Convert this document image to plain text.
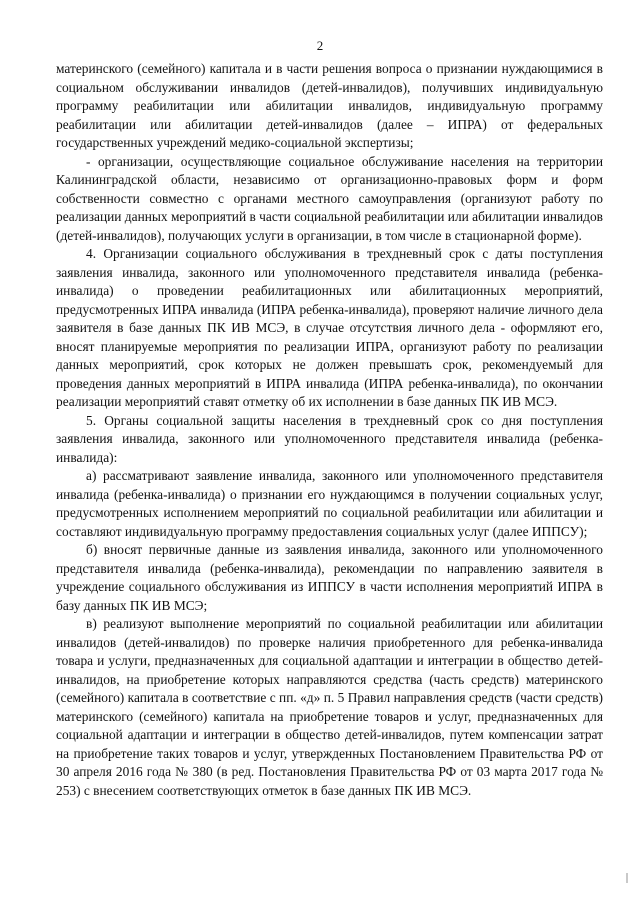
2

материнского (семейного) капитала и в части решения вопроса о признании нуждающимися в социальном обслуживании инвалидов (детей-инвалидов), получивших индивидуальную программу реабилитации или абилитации инвалидов, индивидуальную программу реабилитации или абилитации детей-инвалидов (далее – ИПРА) от федеральных государственных учреждений медико-социальной экспертизы;

- организации, осуществляющие социальное обслуживание населения на территории Калининградской области, независимо от организационно-правовых форм и форм собственности совместно с органами местного самоуправления (организуют работу по реализации данных мероприятий в части социальной реабилитации или абилитации инвалидов (детей-инвалидов), получающих услуги в организации, в том числе в стационарной форме).

4. Организации социального обслуживания в трехдневный срок с даты поступления заявления инвалида, законного или уполномоченного представителя инвалида (ребенка-инвалида) о проведении реабилитационных или абилитационных мероприятий, предусмотренных ИПРА инвалида (ИПРА ребенка-инвалида), проверяют наличие личного дела заявителя в базе данных ПК ИВ МСЭ, в случае отсутствия личного дела - оформляют его, вносят планируемые мероприятия по реализации ИПРА, организуют работу по реализации данных мероприятий, срок которых не должен превышать срок, рекомендуемый для проведения данных мероприятий в ИПРА инвалида (ИПРА ребенка-инвалида), по окончании реализации мероприятий ставят отметку об их исполнении в базе данных ПК ИВ МСЭ.

5. Органы социальной защиты населения в трехдневный срок со дня поступления заявления инвалида, законного или уполномоченного представителя инвалида (ребенка-инвалида):

а) рассматривают заявление инвалида, законного или уполномоченного представителя инвалида (ребенка-инвалида) о признании его нуждающимся в получении социальных услуг, предусмотренных исполнением мероприятий по социальной реабилитации или абилитации и составляют индивидуальную программу предоставления социальных услуг (далее ИППСУ);

б) вносят первичные данные из заявления инвалида, законного или уполномоченного представителя инвалида (ребенка-инвалида), рекомендации по направлению заявителя в учреждение социального обслуживания из ИППСУ в части исполнения мероприятий ИПРА в базу данных ПК ИВ МСЭ;

в) реализуют выполнение мероприятий по социальной реабилитации или абилитации инвалидов (детей-инвалидов) по проверке наличия приобретенного для ребенка-инвалида товара и услуги, предназначенных для социальной адаптации и интеграции в общество детей-инвалидов, на приобретение которых направляются средства (часть средств) материнского (семейного) капитала в соответствие с пп. «д» п. 5 Правил направления средств (части средств) материнского (семейного) капитала на приобретение товаров и услуг, предназначенных для социальной адаптации и интеграции в общество детей-инвалидов, путем компенсации затрат на приобретение таких товаров и услуг, утвержденных Постановлением Правительства РФ от 30 апреля 2016 года № 380 (в ред. Постановления Правительства РФ от 03 марта 2017 года № 253) с внесением соответствующих отметок в базе данных ПК ИВ МСЭ.
